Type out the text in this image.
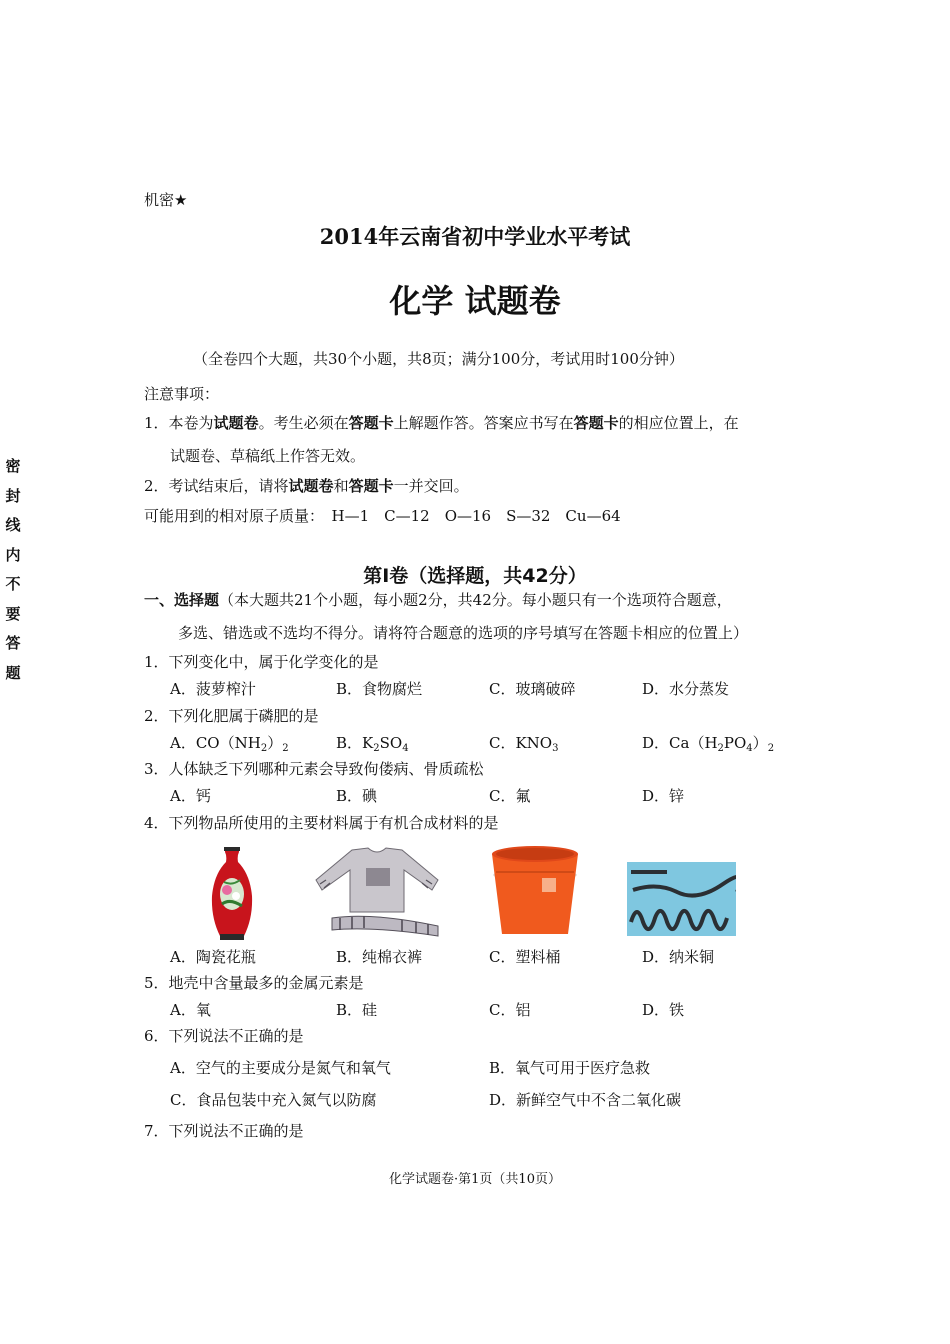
密
封
线
内
不
要
答
题
机密★
2014年云南省初中学业水平考试
化学 试题卷
（全卷四个大题，共30个小题，共8页；满分100分，考试用时100分钟）
注意事项：
1．本卷为试题卷。考生必须在答题卡上解题作答。答案应书写在答题卡的相应位置上，在
试题卷、草稿纸上作答无效。
2．考试结束后，请将试题卷和答题卡一并交回。
可能用到的相对原子质量：　H—1　C—12　O—16　S—32　Cu—64
第Ⅰ卷（选择题，共42分）
一、选择题（本大题共21个小题，每小题2分，共42分。每小题只有一个选项符合题意，
多选、错选或不选均不得分。请将符合题意的选项的序号填写在答题卡相应的位置上）
1．下列变化中，属于化学变化的是
A．菠萝榨汁	B．食物腐烂	C．玻璃破碎	D．水分蒸发
2．下列化肥属于磷肥的是
A．$CO(NH_2)_2$	B．$K_2SO_4$	C．$KNO_3$	D．$Ca(H_2PO_4)_2$
3．人体缺乏下列哪种元素会导致佝偻病、骨质疏松
A．钙	B．碘	C．氟	D．锌
4．下列物品所使用的主要材料属于有机合成材料的是
A．陶瓷花瓶	B．纯棉衣裤	C．塑料桶	D．纳米铜
5．地壳中含量最多的金属元素是
A．氧	B．硅	C．铝	D．铁
6．下列说法不正确的是
A．空气的主要成分是氮气和氧气	B．氧气可用于医疗急救
C．食品包装中充入氮气以防腐	D．新鲜空气中不含二氧化碳
7．下列说法不正确的是
化学试题卷·第1页（共10页）
